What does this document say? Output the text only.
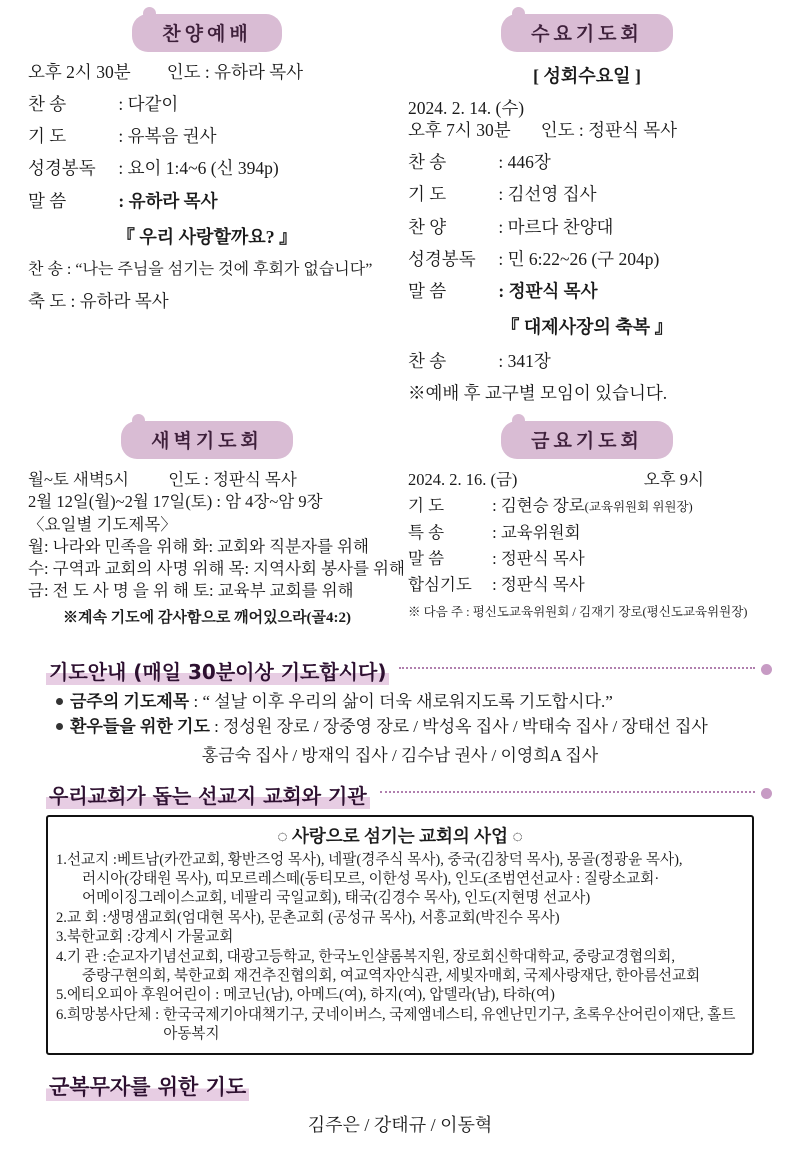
찬양예배

오후 2시 30분 인도 : 유하라 목사

찬 송	: 다같이

기 도	: 유복음 권사

성경봉독 : 요이 1:4~6 (신 394p)

말 씀	: 유하라 목사

『 우리 사랑할까요? 』

찬 송 : “나는 주님을 섬기는 것에 후회가 없습니다”

축 도 : 유하라 목사

수요기도회

[ 성회수요일 ]

2024. 2. 14. (수)

오후 7시 30분 인도 : 정판식 목사

찬 송	: 446장

기 도	: 김선영 집사

찬 양	: 마르다 찬양대

성경봉독 : 민 6:22~26 (구 204p)

말 씀	: 정판식 목사

『 대제사장의 축복 』

찬 송	: 341장

※예배 후 교구별 모임이 있습니다.

새벽기도회

월~토 새벽5시 인도 : 정판식 목사

2월 12일(월)~2월 17일(토) : 암 4장~암 9장

〈요일별 기도제목〉

월: 나라와 민족을 위해 화: 교회와 직분자를 위해

수: 구역과 교회의 사명 위해 목: 지역사회 봉사를 위해

금: 전 도 사 명 을 위 해 토: 교육부 교회를 위해

※계속 기도에 감사함으로 깨어있으라(골4:2)

금요기도회

2024. 2. 16. (금)	오후 9시

기 도	: 김현승 장로(교육위원회 위원장)

특 송	: 교육위원회

말 씀	: 정판식 목사

합심기도 : 정판식 목사

※ 다음 주 : 평신도교육위원회 / 김재기 장로(평신도교육위원장)

기도안내 (매일 30분이상 기도합시다)
금주의 기도제목 : “ 설날 이후 우리의 삶이 더욱 새로워지도록 기도합시다.”
환우들을 위한 기도 : 정성원 장로 / 장중영 장로 / 박성옥 집사 / 박태숙 집사 / 장태선 집사
홍금숙 집사 / 방재익 집사 / 김수남 권사 / 이영희A 집사
우리교회가 돕는 선교지 교회와 기관
◌ 사랑으로 섬기는 교회의 사업 ◌
1.선교지 : 베트남(카깐교회, 황반즈엉 목사), 네팔(경주식 목사), 중국(김창덕 목사), 몽골(정광윤 목사),
러시아(강태원 목사), 띠모르레스떼(동티모르, 이한성 목사), 인도(조범연선교사 : 질랑소교회·
어메이징그레이스교회, 네팔리 국일교회), 태국(김경수 목사), 인도(지현명 선교사)
2.교 회 : 생명샘교회(엄대현 목사), 문촌교회 (공성규 목사), 서흥교회(박진수 목사)
3.북한교회 : 강계시 가물교회
4.기 관 : 순교자기념선교회, 대광고등학교, 한국노인샬롬복지원, 장로회신학대학교, 중랑교경협의회,
중랑구현의회, 북한교회 재건추진협의회, 여교역자안식관, 세빛자매회, 국제사랑재단, 한아름선교회
5.에티오피아 후원어린이 : 메코닌(남), 아메드(여), 하지(여), 압델라(남), 타하(여)
6.희망봉사단체 : 한국국제기아대책기구, 굿네이버스, 국제앰네스티, 유엔난민기구, 초록우산어린이재단, 홀트아동복지
군복무자를 위한 기도
김주은 / 강태규 / 이동혁
